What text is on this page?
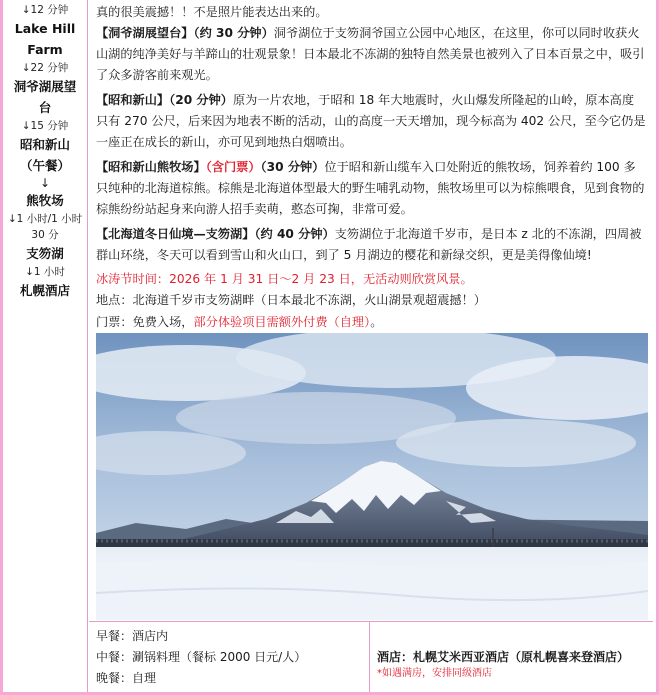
↓12 分钟
Lake Hill
Farm
↓22 分钟
洞爷湖展望
台
↓15 分钟
昭和新山
（午餐）
↓
熊牧场
↓1 小时/1 小时
30 分
支笏湖
↓1 小时
札幌酒店
真的很美震撼！！不是照片能表达出来的。
【洞爷湖展望台】（约 30 分钟）洞爷湖位于支笏洞爷国立公园中心地区，在这里，你可以同时收获火山湖的纯净美好与羊蹄山的壮观景象！日本最北不冻湖的独特自然美景也被列入了日本百景之中，吸引了众多游客前来观光。
【昭和新山】（20 分钟）原为一片农地，于昭和 18 年大地震时，火山爆发所隆起的山岭，原本高度只有 270 公尺，后来因为地表不断的活动，山的高度一天天增加，现今标高为 402 公尺，至今它仍是一座正在成长的新山，亦可见到地热白烟喷出。
【昭和新山熊牧场】（含门票）（30 分钟）位于昭和新山缆车入口处附近的熊牧场，饲养着约 100 多只纯种的北海道棕熊。棕熊是北海道体型最大的野生哺乳动物，熊牧场里可以为棕熊喂食，见到食物的棕熊纷纷站起身来向游人招手卖萌，憨态可掬，非常可爱。
【北海道冬日仙境—支笏湖】（约 40 分钟）支笏湖位于北海道千岁市，是日本 z 北的不冻湖，四周被群山环绕，冬天可以看到雪山和火山口，到了 5 月湖边的樱花和新绿交织，更是美得像仙境!
冰涛节时间：2026 年 1 月 31 日～2 月 23 日，无活动则欣赏风景。
地点：北海道千岁市支笏湖畔（日本最北不冻湖，火山湖景观超震撼！）
门票：免费入场，部分体验项目需额外付费（自理）。
早餐：酒店内
中餐：涮锅料理（餐标 2000 日元/人）
晚餐：自理
酒店：札幌艾米西亚酒店（原札幌喜来登酒店）
*如遇满房，安排同级酒店
